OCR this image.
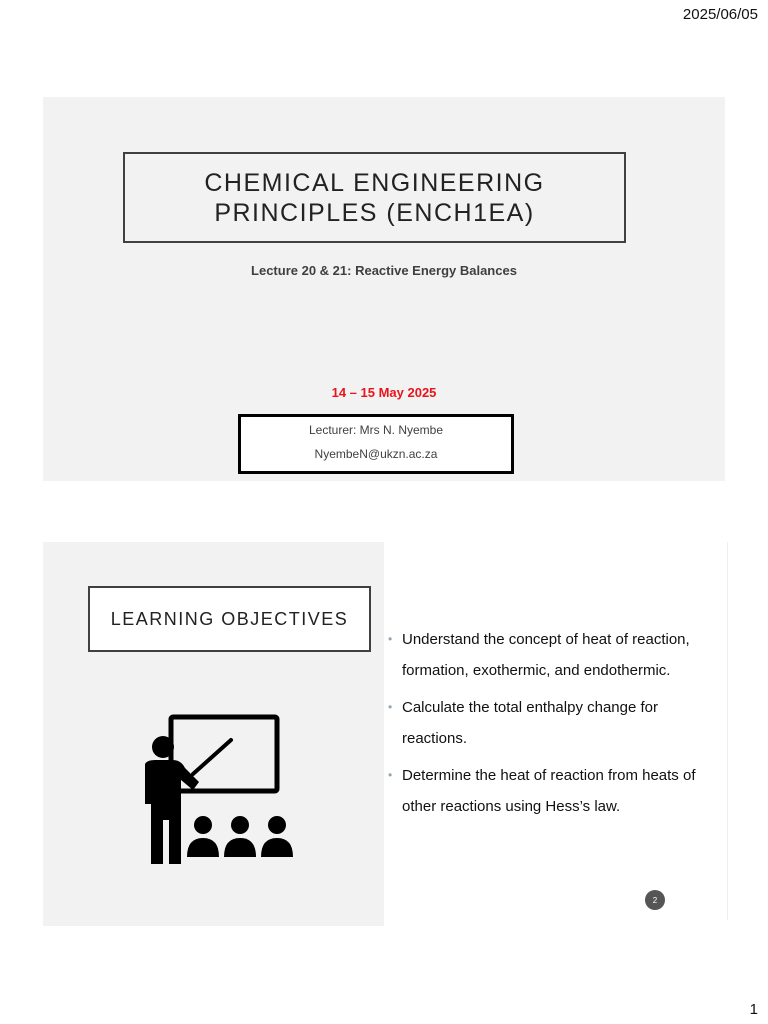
2025/06/05
CHEMICAL ENGINEERING
PRINCIPLES (ENCH1EA)
Lecture 20 & 21: Reactive Energy Balances
14 – 15 May 2025
Lecturer: Mrs N. Nyembe
NyembeN@ukzn.ac.za
LEARNING OBJECTIVES
• Understand the concept of heat of reaction, formation, exothermic, and endothermic.
• Calculate the total enthalpy change for reactions.
• Determine the heat of reaction from heats of other reactions using Hess’s law.
2
1
